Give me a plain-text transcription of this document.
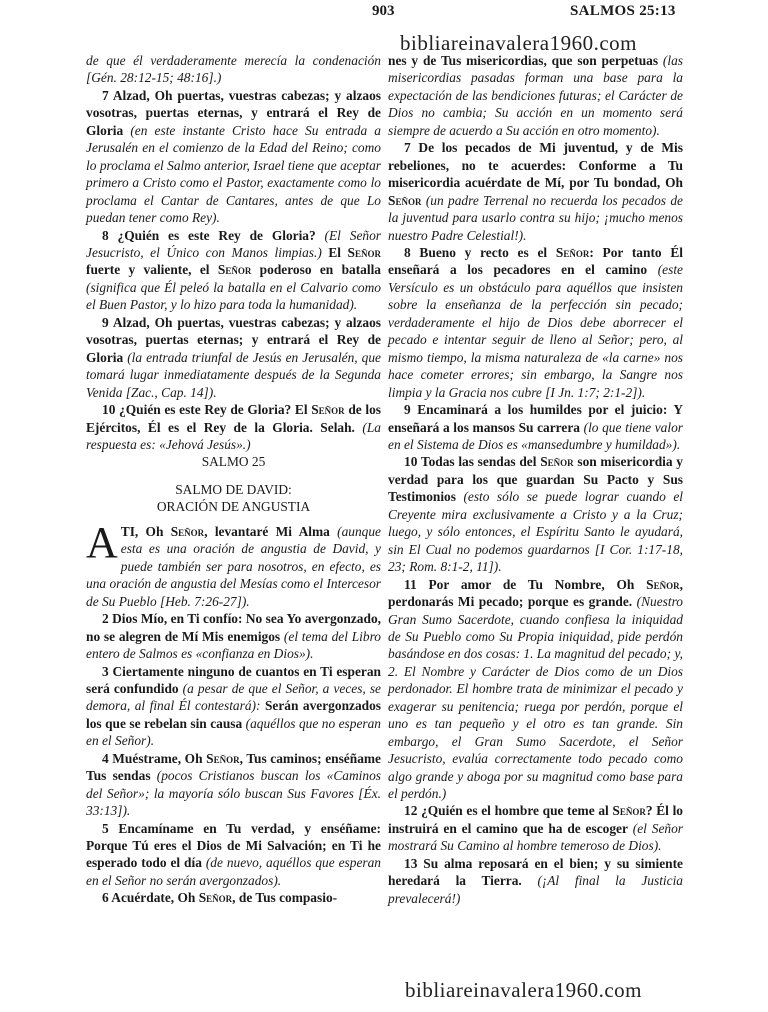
903	SALMOS 25:13
bibliareinavalera1960.com

de que él verdaderamente merecía la condenación [Gén. 28:12-15; 48:16].)

7 Alzad, Oh puertas, vuestras cabezas; y alzaos vosotras, puertas eternas, y entrará el Rey de Gloria (en este instante Cristo hace Su entrada a Jerusalén en el comienzo de la Edad del Reino; como lo proclama el Salmo anterior, Israel tiene que aceptar primero a Cristo como el Pastor, exactamente como lo proclama el Cantar de Cantares, antes de que Lo puedan tener como Rey).

8 ¿Quién es este Rey de Gloria? (El Señor Jesucristo, el Único con Manos limpias.) El Señor fuerte y valiente, el Señor poderoso en batalla (significa que Él peleó la batalla en el Calvario como el Buen Pastor, y lo hizo para toda la humanidad).

9 Alzad, Oh puertas, vuestras cabezas; y alzaos vosotras, puertas eternas; y entrará el Rey de Gloria (la entrada triunfal de Jesús en Jerusalén, que tomará lugar inmediatamente después de la Segunda Venida [Zac., Cap. 14]).

10 ¿Quién es este Rey de Gloria? El Señor de los Ejércitos, Él es el Rey de la Gloria. Selah. (La respuesta es: «Jehová Jesús».)

SALMO 25

SALMO DE DAVID:
ORACIÓN DE ANGUSTIA

A TI, Oh Señor, levantaré Mi Alma (aunque esta es una oración de angustia de David, y puede también ser para nosotros, en efecto, es una oración de angustia del Mesías como el Intercesor de Su Pueblo [Heb. 7:26-27]).

2 Dios Mío, en Ti confío: No sea Yo avergonzado, no se alegren de Mí Mis enemigos (el tema del Libro entero de Salmos es «confianza en Dios»).

3 Ciertamente ninguno de cuantos en Ti esperan será confundido (a pesar de que el Señor, a veces, se demora, al final Él contestará): Serán avergonzados los que se rebelan sin causa (aquéllos que no esperan en el Señor).

4 Muéstrame, Oh Señor, Tus caminos; enséñame Tus sendas (pocos Cristianos buscan los «Caminos del Señor»; la mayoría sólo buscan Sus Favores [Éx. 33:13]).

5 Encamíname en Tu verdad, y enséñame: Porque Tú eres el Dios de Mi Salvación; en Ti he esperado todo el día (de nuevo, aquéllos que esperan en el Señor no serán avergonzados).

6 Acuérdate, Oh Señor, de Tus compasio-

nes y de Tus misericordias, que son perpetuas (las misericordias pasadas forman una base para la expectación de las bendiciones futuras; el Carácter de Dios no cambia; Su acción en un momento será siempre de acuerdo a Su acción en otro momento).

7 De los pecados de Mi juventud, y de Mis rebeliones, no te acuerdes: Conforme a Tu misericordia acuérdate de Mí, por Tu bondad, Oh Señor (un padre Terrenal no recuerda los pecados de la juventud para usarlo contra su hijo; ¡mucho menos nuestro Padre Celestial!).

8 Bueno y recto es el Señor: Por tanto Él enseñará a los pecadores en el camino (este Versículo es un obstáculo para aquéllos que insisten sobre la enseñanza de la perfección sin pecado; verdaderamente el hijo de Dios debe aborrecer el pecado e intentar seguir de lleno al Señor; pero, al mismo tiempo, la misma naturaleza de «la carne» nos hace cometer errores; sin embargo, la Sangre nos limpia y la Gracia nos cubre [I Jn. 1:7; 2:1-2]).

9 Encaminará a los humildes por el juicio: Y enseñará a los mansos Su carrera (lo que tiene valor en el Sistema de Dios es «mansedumbre y humildad»).

10 Todas las sendas del Señor son misericordia y verdad para los que guardan Su Pacto y Sus Testimonios (esto sólo se puede lograr cuando el Creyente mira exclusivamente a Cristo y a la Cruz; luego, y sólo entonces, el Espíritu Santo le ayudará, sin El Cual no podemos guardarnos [I Cor. 1:17-18, 23; Rom. 8:1-2, 11]).

11 Por amor de Tu Nombre, Oh Señor, perdonarás Mi pecado; porque es grande. (Nuestro Gran Sumo Sacerdote, cuando confiesa la iniquidad de Su Pueblo como Su Propia iniquidad, pide perdón basándose en dos cosas: 1. La magnitud del pecado; y, 2. El Nombre y Carácter de Dios como de un Dios perdonador. El hombre trata de minimizar el pecado y exagerar su penitencia; ruega por perdón, porque el uno es tan pequeño y el otro es tan grande. Sin embargo, el Gran Sumo Sacerdote, el Señor Jesucristo, evalúa correctamente todo pecado como algo grande y aboga por su magnitud como base para el perdón.)

12 ¿Quién es el hombre que teme al Señor? Él lo instruirá en el camino que ha de escoger (el Señor mostrará Su Camino al hombre temeroso de Dios).

13 Su alma reposará en el bien; y su simiente heredará la Tierra. (¡Al final la Justicia prevalecerá!)

bibliareinavalera1960.com
